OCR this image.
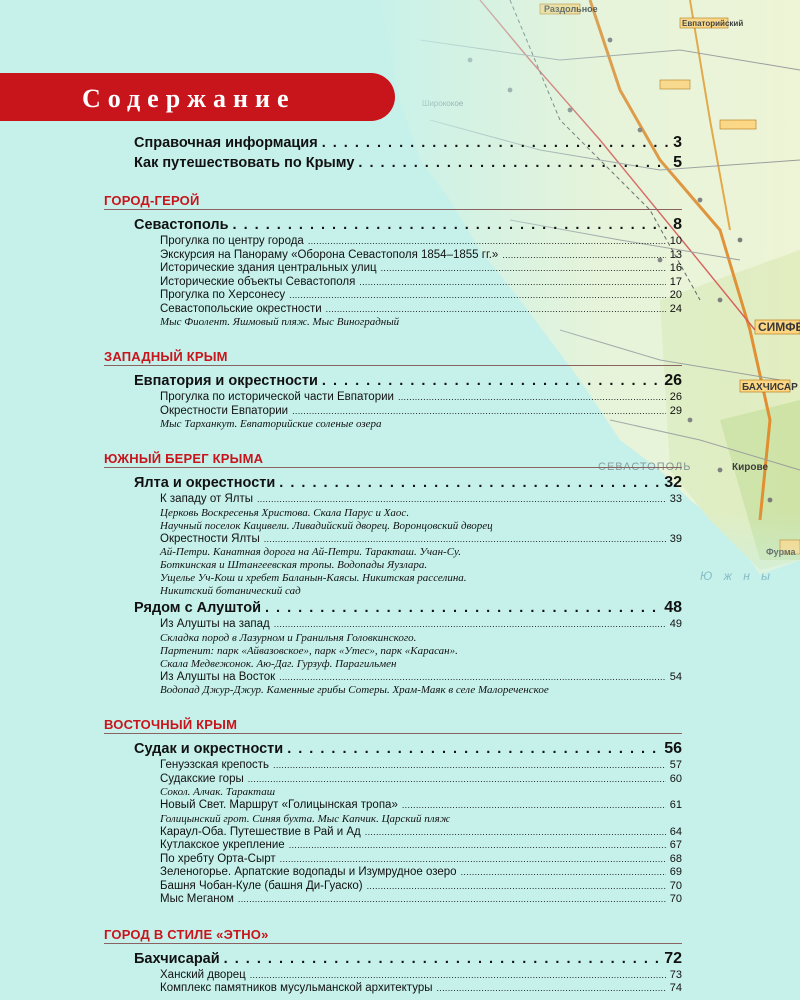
Содержание
Справочная информация . . .	3
Как путешествовать по Крыму . . .	5
ГОРОД-ГЕРОЙ
Севастополь . . .	8
Прогулка по центру города .....	10
Экскурсия на Панораму «Оборона Севастополя 1854–1855 гг.» .....	13
Исторические здания центральных улиц .....	16
Исторические объекты Севастополя .....	17
Прогулка по Херсонесу .....	20
Севастопольские окрестности .....	24
Мыс Фиолент. Яшмовый пляж. Мыс Виноградный
ЗАПАДНЫЙ КРЫМ
Евпатория и окрестности . . .	26
Прогулка по исторической части Евпатории .....	26
Окрестности Евпатории .....	29
Мыс Тарханкут. Евпаторийские соленые озера
ЮЖНЫЙ БЕРЕГ КРЫМА
Ялта и окрестности . . .	32
К западу от Ялты .....	33
Церковь Воскресенья Христова. Скала Парус и Хаос.
Научный поселок Кацивели. Ливадийский дворец. Воронцовский дворец
Окрестности Ялты .....	39
Ай-Петри. Канатная дорога на Ай-Петри. Таракташ. Учан-Су.
Боткинская и Штангеевская тропы. Водопады Яузлара.
Ущелье Уч-Кош и хребет Баланын-Каясы. Никитская расселина.
Никитский ботанический сад
Рядом с Алуштой . . .	48
Из Алушты на запад .....	49
Складка пород в Лазурном и Гранильня Головкинского.
Партенит: парк «Айвазовское», парк «Утес», парк «Карасан».
Скала Медвежонок. Аю-Даг. Гурзуф. Парагильмен
Из Алушты на Восток .....	54
Водопад Джур-Джур. Каменные грибы Сотеры. Храм-Маяк в селе Малореченское
ВОСТОЧНЫЙ КРЫМ
Судак и окрестности . . .	56
Генуэзская крепость .....	57
Судакские горы .....	60
Сокол. Алчак. Таракташ
Новый Свет. Маршрут «Голицынская тропа» .....	61
Голицынский грот. Синяя бухта. Мыс Капчик. Царский пляж
Караул-Оба. Путешествие в Рай и Ад .....	64
Кутлакское укрепление .....	67
По хребту Орта-Сырт .....	68
Зеленогорье. Арпатские водопады и Изумрудное озеро .....	69
Башня Чобан-Куле (башня Ди-Гуаско) .....	70
Мыс Меганом .....	70
ГОРОД В СТИЛЕ «ЭТНО»
Бахчисарай . . .	72
Ханский дворец .....	73
Комплекс памятников мусульманской архитектуры .....	74
